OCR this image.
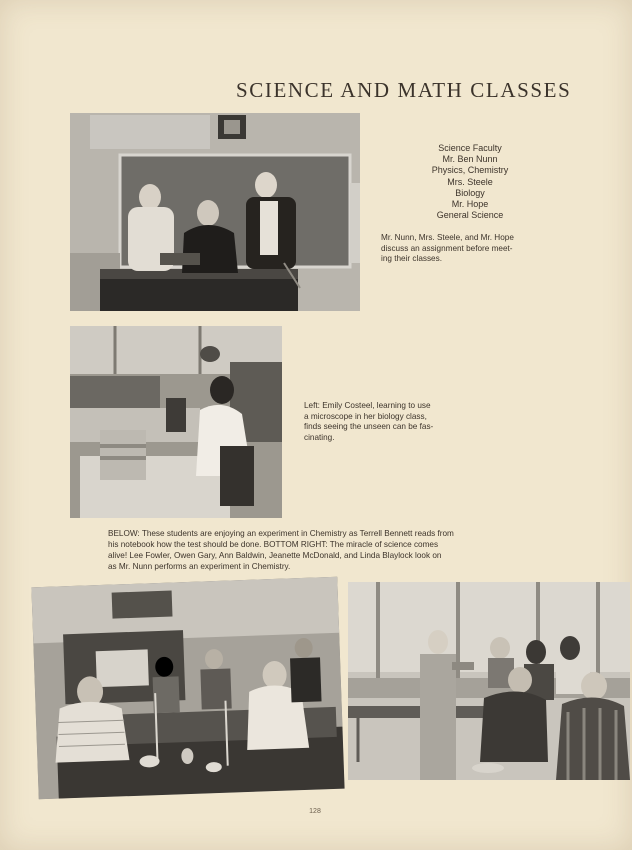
SCIENCE AND MATH CLASSES
Science Faculty
Mr. Ben Nunn
Physics, Chemistry
Mrs. Steele
Biology
Mr. Hope
General Science
Mr. Nunn, Mrs. Steele, and Mr. Hope
discuss an assignment before meet-
ing their classes.
Left: Emily Costeel, learning to use
a microscope in her biology class,
finds seeing the unseen can be fas-
cinating.
BELOW: These students are enjoying an experiment in Chemistry as Terrell Bennett reads from
his notebook how the test should be done. BOTTOM RIGHT: The miracle of science comes
alive! Lee Fowler, Owen Gary, Ann Baldwin, Jeanette McDonald, and Linda Blaylock look on
as Mr. Nunn performs an experiment in Chemistry.
128
